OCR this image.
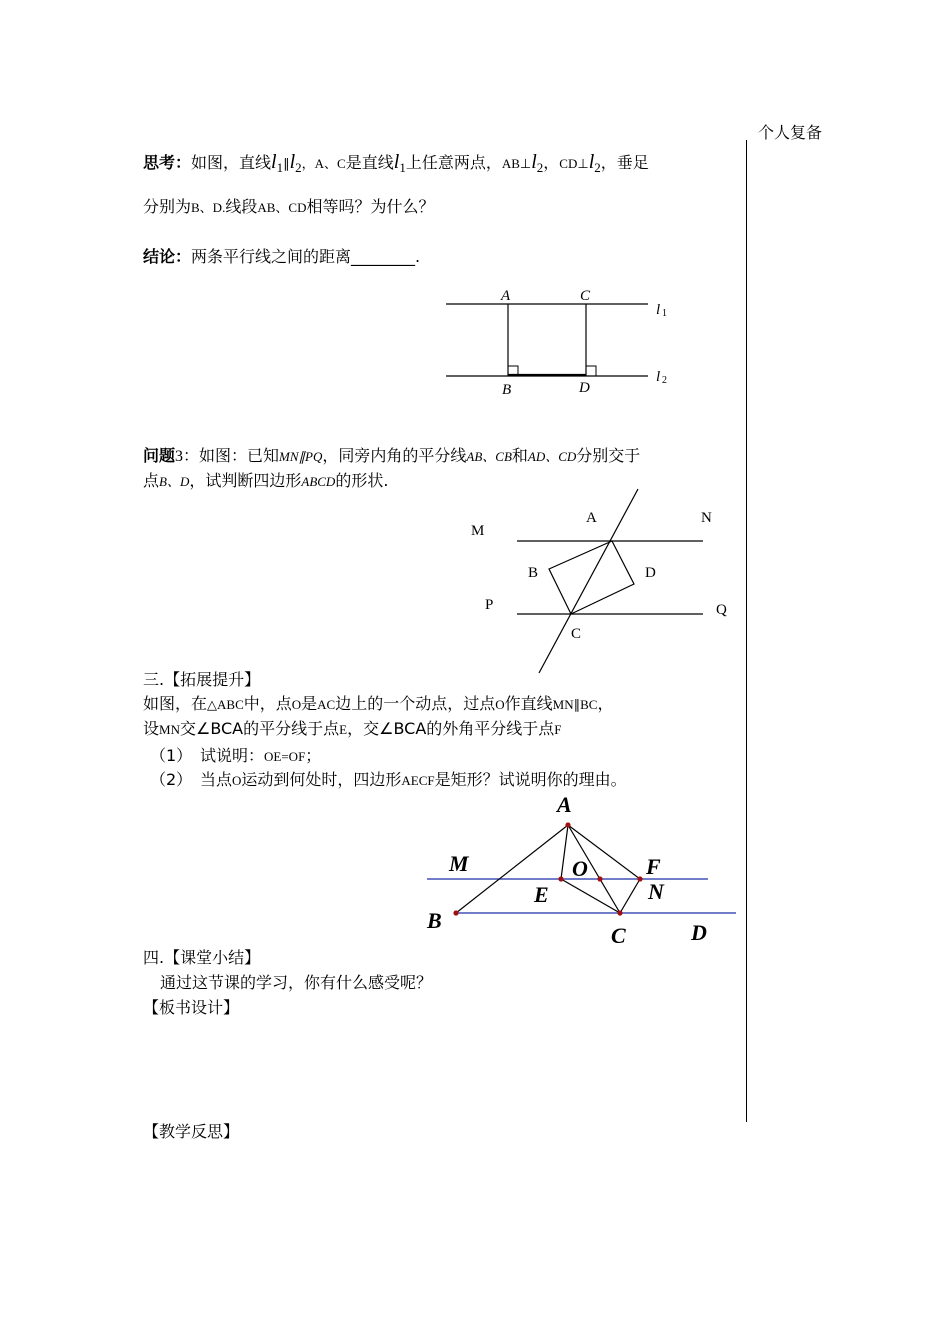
个人复备
思考：如图，直线$l_1\parallel l_2$，A、C是直线$l_1$上任意两点，$AB\perp l_2$，$CD\perp l_2$，垂足
分别为B、D.线段AB、CD相等吗？为什么？
结论：两条平行线之间的距离________.
A	C
B	D
l 1
l 2
问题3：如图：已知MN∥PQ，同旁内角的平分线AB、CB和AD、CD分别交于
点B、D，试判断四边形ABCD的形状.
A	N
M
B	D
P	Q
C
三.【拓展提升】
如图，在△ABC中，点O是AC边上的一个动点，过点O作直线MN∥BC，
设MN交∠BCA的平分线于点E，交∠BCA的外角平分线于点F
（1） 试说明：OE=OF；
（2） 当点O运动到何处时，四边形AECF是矩形？试说明你的理由。
A
M	O	F
E	N
B
C	D
四.【课堂小结】
通过这节课的学习，你有什么感受呢？
【板书设计】
【教学反思】
